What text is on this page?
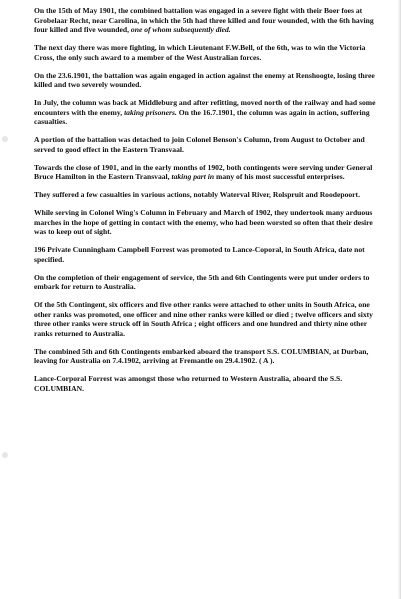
On the 15th of May 1901, the combined battalion was engaged in a severe fight with their Boer foes at Grobelaar Recht, near Carolina, in which the 5th had three killed and four wounded, with the 6th having four killed and five wounded, one of whom subsequently died.

The next day there was more fighting, in which Lieutenant F.W.Bell, of the 6th, was to win the Victoria Cross, the only such award to a member of the West Australian forces.

On the 23.6.1901, the battalion was again engaged in action against the enemy at Renshoogte, losing three killed and two severely wounded.

In July, the column was back at Middleburg and after refitting, moved north of the railway and had some encounters with the enemy, taking prisoners. On the 16.7.1901, the column was again in action, suffering casualties.

A portion of the battalion was detached to join Colonel Benson's Column, from August to October and served to good effect in the Eastern Transvaal.

Towards the close of 1901, and in the early months of 1902, both contingents were serving under General Bruce Hamilton in the Eastern Transvaal, taking part in many of his most successful enterprises.

They suffered a few casualties in various actions, notably Waterval River, Rolspruit and Roodepoort.

While serving in Colonel Wing's Column in February and March of 1902, they undertook many arduous marches in the hope of getting in contact with the enemy, who had been worsted so often that their desire was to keep out of sight.

196 Private Cunningham Campbell Forrest was promoted to Lance-Coporal, in South Africa, date not specified.

On the completion of their engagement of service, the 5th and 6th Contingents were put under orders to embark for return to Australia.

Of the 5th Contingent, six officers and five other ranks were attached to other units in South Africa, one other ranks was promoted, one officer and nine other ranks were killed or died ; twelve officers and sixty three other ranks were struck off in South Africa ; eight officers and one hundred and thirty nine other ranks returned to Australia.

The combined 5th and 6th Contingents embarked aboard the transport S.S. COLUMBIAN, at Durban, leaving for Australia on 7.4.1902, arriving at Fremantle on 29.4.1902. ( A ).

Lance-Corporal Forrest was amongst those who returned to Western Australia, aboard the S.S. COLUMBIAN.
